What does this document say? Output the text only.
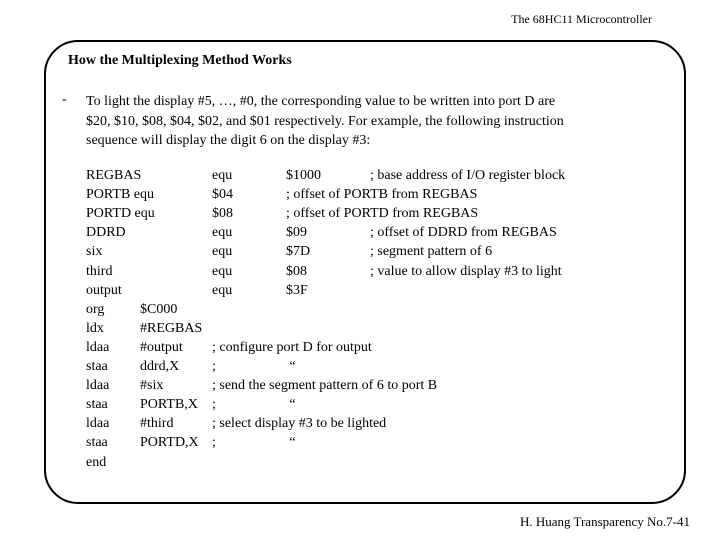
The 68HC11 Microcontroller
How the Multiplexing Method Works
- To light the display #5, …, #0, the corresponding value to be written into port D are
$20, $10, $08, $04, $02, and $01 respectively. For example, the following instruction
sequence will display the digit 6 on the display #3:
REGBAS	equ	$1000	; base address of I/O register block
PORTB equ	$04	; offset of PORTB from REGBAS
PORTD equ	$08	; offset of PORTD from REGBAS
DDRD	equ	$09	; offset of DDRD from REGBAS
six	equ	$7D	; segment pattern of 6
third	equ	$08	; value to allow display #3 to light
output	equ	$3F
org	$C000
ldx	#REGBAS
ldaa #output ; configure port D for output
staa ddrd,X ;                     “
ldaa #six	; send the segment pattern of 6 to port B
staa PORTB,X ;                     “
ldaa #third	; select display #3 to be lighted
staa PORTD,X ;                     “
end
H. Huang Transparency No.7-41
